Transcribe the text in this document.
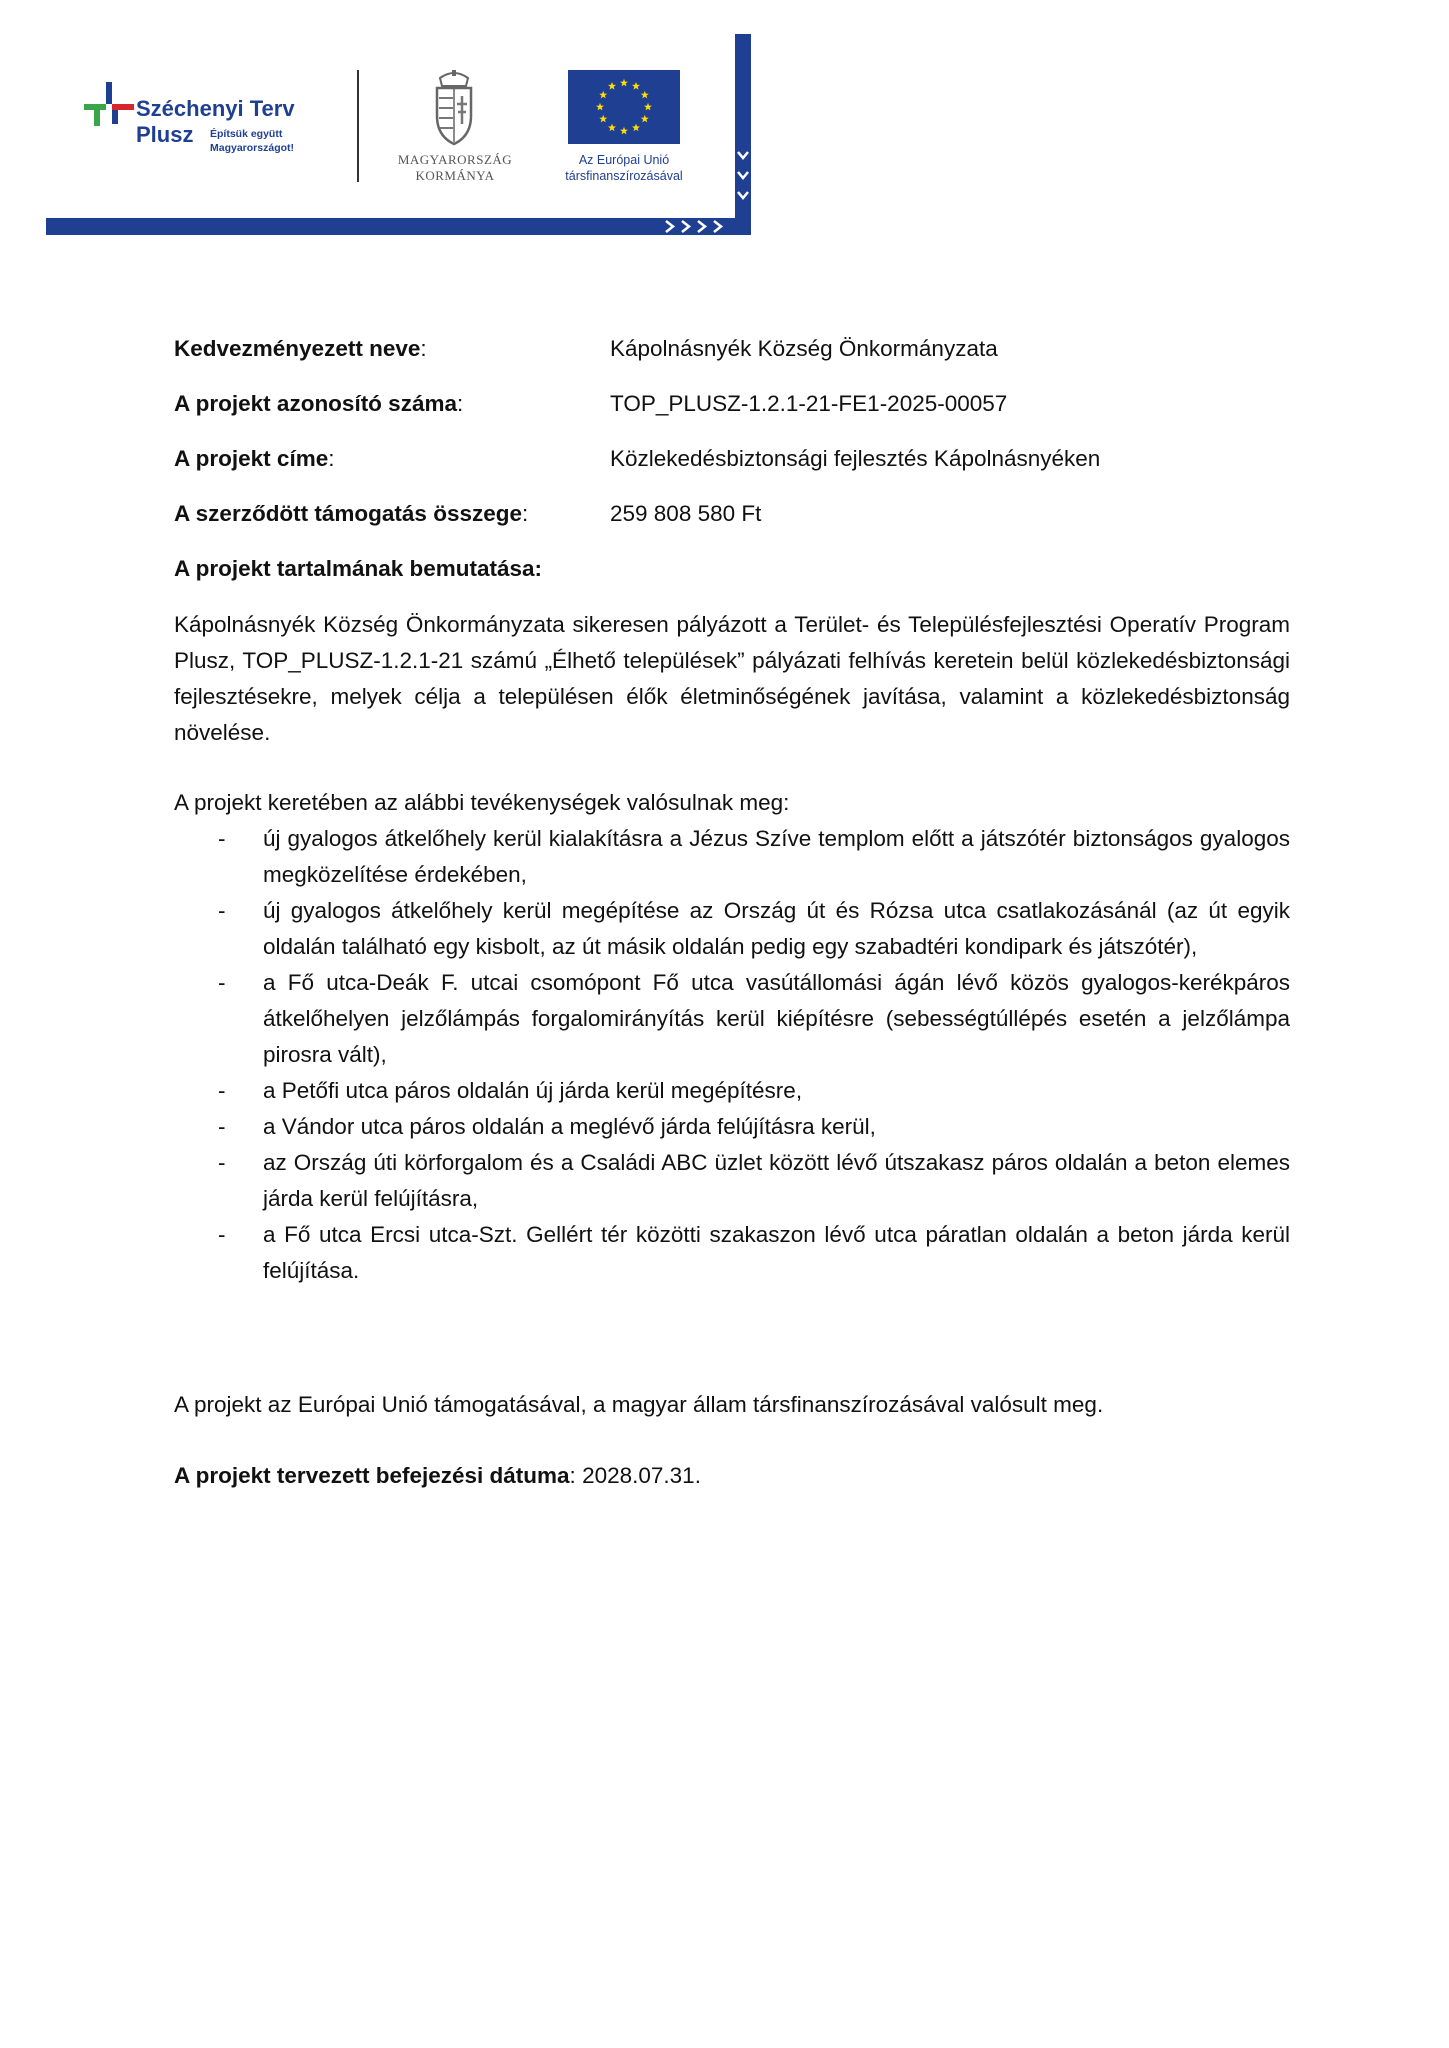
Széchenyi Terv
Plusz Építsük együtt Magyarországot!
MAGYARORSZÁG
KORMÁNYA
Az Európai Unió
társfinanszírozásával
Kedvezményezett neve:	Kápolnásnyék Község Önkormányzata
A projekt azonosító száma:	TOP_PLUSZ-1.2.1-21-FE1-2025-00057
A projekt címe:	Közlekedésbiztonsági fejlesztés Kápolnásnyéken
A szerződött támogatás összege:	259 808 580 Ft
A projekt tartalmának bemutatása:
Kápolnásnyék Község Önkormányzata sikeresen pályázott a Terület- és Településfejlesztési Operatív Program Plusz, TOP_PLUSZ-1.2.1-21 számú „Élhető települések” pályázati felhívás keretein belül közlekedésbiztonsági fejlesztésekre, melyek célja a településen élők életminőségének javítása, valamint a közlekedésbiztonság növelése.
A projekt keretében az alábbi tevékenységek valósulnak meg:
- új gyalogos átkelőhely kerül kialakításra a Jézus Szíve templom előtt a játszótér biztonságos gyalogos megközelítése érdekében,
- új gyalogos átkelőhely kerül megépítése az Ország út és Rózsa utca csatlakozásánál (az út egyik oldalán található egy kisbolt, az út másik oldalán pedig egy szabadtéri kondipark és játszótér),
- a Fő utca-Deák F. utcai csomópont Fő utca vasútállomási ágán lévő közös gyalogos-kerékpáros átkelőhelyen jelzőlámpás forgalomirányítás kerül kiépítésre (sebességtúllépés esetén a jelzőlámpa pirosra vált),
- a Petőfi utca páros oldalán új járda kerül megépítésre,
- a Vándor utca páros oldalán a meglévő járda felújításra kerül,
- az Ország úti körforgalom és a Családi ABC üzlet között lévő útszakasz páros oldalán a beton elemes járda kerül felújításra,
- a Fő utca Ercsi utca-Szt. Gellért tér közötti szakaszon lévő utca páratlan oldalán a beton járda kerül felújítása.
A projekt az Európai Unió támogatásával, a magyar állam társfinanszírozásával valósult meg.
A projekt tervezett befejezési dátuma: 2028.07.31.
